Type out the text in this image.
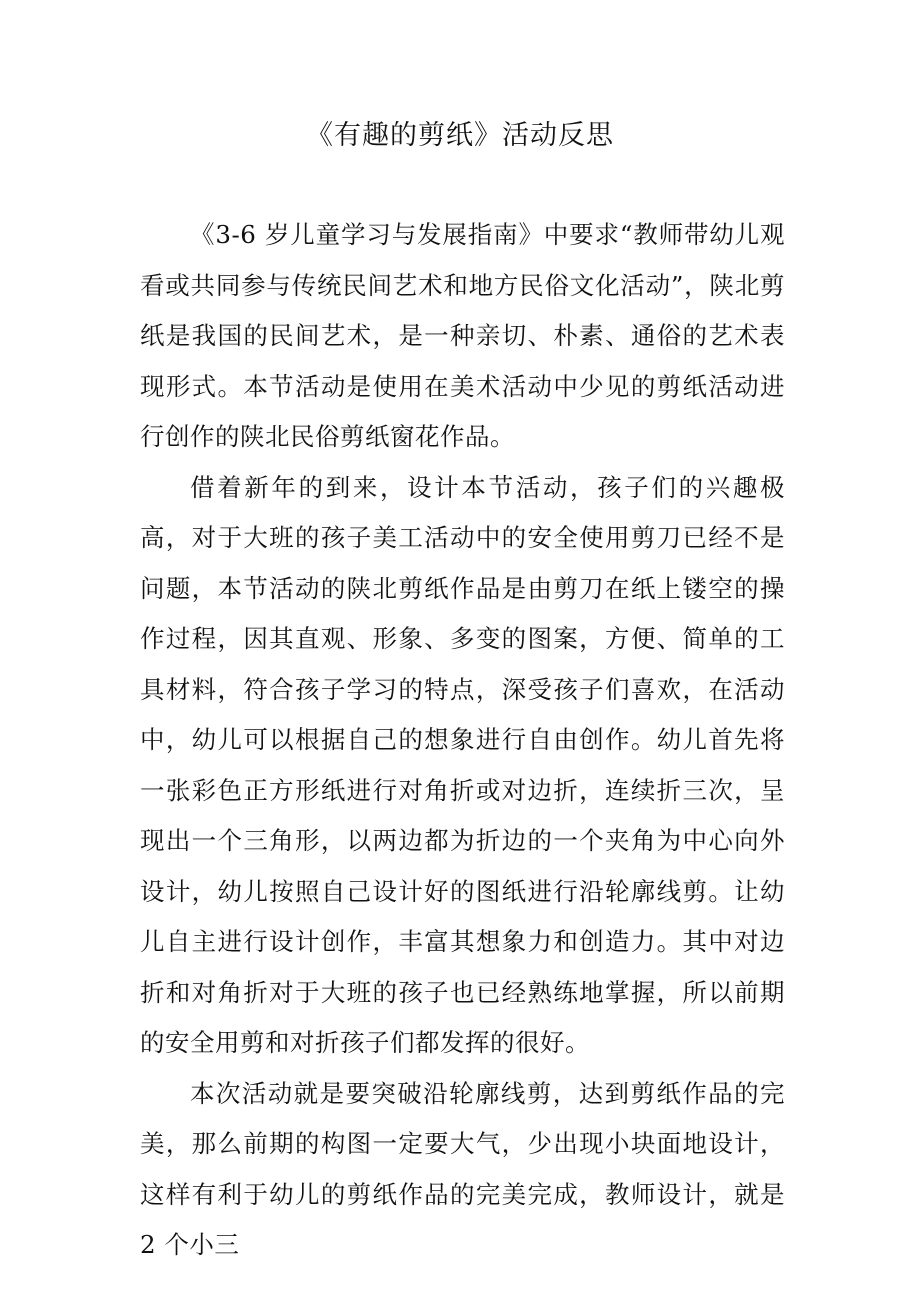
《有趣的剪纸》活动反思

《3-6 岁儿童学习与发展指南》中要求“教师带幼儿观看或共同参与传统民间艺术和地方民俗文化活动”，陕北剪纸是我国的民间艺术，是一种亲切、朴素、通俗的艺术表现形式。本节活动是使用在美术活动中少见的剪纸活动进行创作的陕北民俗剪纸窗花作品。

借着新年的到来，设计本节活动，孩子们的兴趣极高，对于大班的孩子美工活动中的安全使用剪刀已经不是问题，本节活动的陕北剪纸作品是由剪刀在纸上镂空的操作过程，因其直观、形象、多变的图案，方便、简单的工具材料，符合孩子学习的特点，深受孩子们喜欢，在活动中，幼儿可以根据自己的想象进行自由创作。幼儿首先将一张彩色正方形纸进行对角折或对边折，连续折三次，呈现出一个三角形，以两边都为折边的一个夹角为中心向外设计，幼儿按照自己设计好的图纸进行沿轮廓线剪。让幼儿自主进行设计创作，丰富其想象力和创造力。其中对边折和对角折对于大班的孩子也已经熟练地掌握，所以前期的安全用剪和对折孩子们都发挥的很好。

本次活动就是要突破沿轮廓线剪，达到剪纸作品的完美，那么前期的构图一定要大气，少出现小块面地设计，这样有利于幼儿的剪纸作品的完美完成，教师设计，就是 2 个小三
